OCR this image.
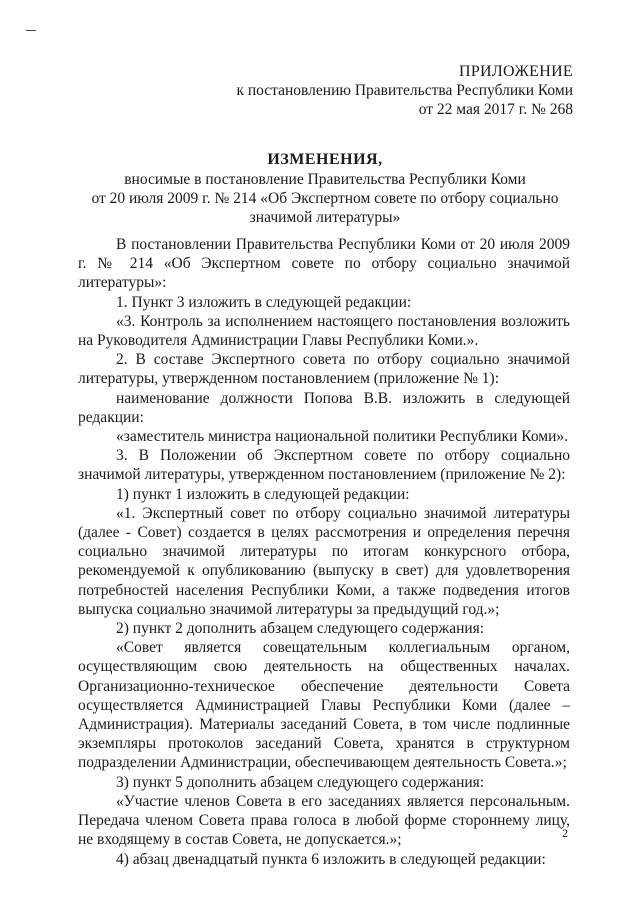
ПРИЛОЖЕНИЕ
к постановлению Правительства Республики Коми
от 22 мая 2017 г. № 268
ИЗМЕНЕНИЯ,
вносимые в постановление Правительства Республики Коми
от 20 июля 2009 г. № 214 «Об Экспертном совете по отбору социально
значимой литературы»

В постановлении Правительства Республики Коми от 20 июля 2009 г. № 214 «Об Экспертном совете по отбору социально значимой литературы»:

1. Пункт 3 изложить в следующей редакции:

«3. Контроль за исполнением настоящего постановления возложить на Руководителя Администрации Главы Республики Коми.».

2. В составе Экспертного совета по отбору социально значимой литературы, утвержденном постановлением (приложение № 1):

наименование должности Попова В.В. изложить в следующей редакции:

«заместитель министра национальной политики Республики Коми».

3. В Положении об Экспертном совете по отбору социально значимой литературы, утвержденном постановлением (приложение № 2):

1) пункт 1 изложить в следующей редакции:

«1. Экспертный совет по отбору социально значимой литературы (далее - Совет) создается в целях рассмотрения и определения перечня социально значимой литературы по итогам конкурсного отбора, рекомендуемой к опубликованию (выпуску в свет) для удовлетворения потребностей населения Республики Коми, а также подведения итогов выпуска социально значимой литературы за предыдущий год.»;

2) пункт 2 дополнить абзацем следующего содержания:

«Совет является совещательным коллегиальным органом, осуществляющим свою деятельность на общественных началах. Организационно-техническое обеспечение деятельности Совета осуществляется Администрацией Главы Республики Коми (далее – Администрация). Материалы заседаний Совета, в том числе подлинные экземпляры протоколов заседаний Совета, хранятся в структурном подразделении Администрации, обеспечивающем деятельность Совета.»;

3) пункт 5 дополнить абзацем следующего содержания:

«Участие членов Совета в его заседаниях является персональным. Передача членом Совета права голоса в любой форме стороннему лицу, не входящему в состав Совета, не допускается.»;

4) абзац двенадцатый пункта 6 изложить в следующей редакции:

2
